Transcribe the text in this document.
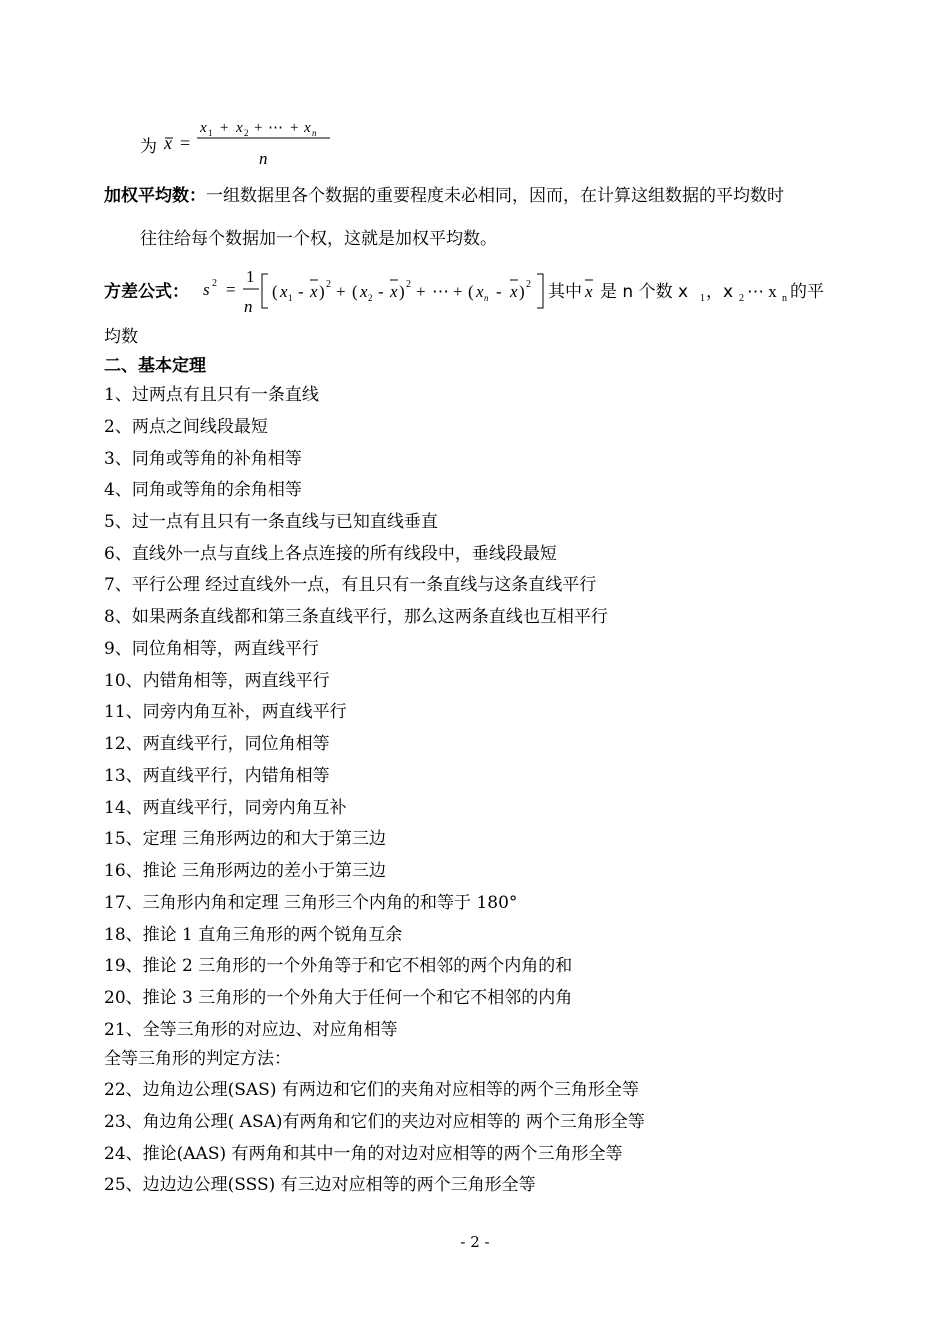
为 x =
x 1 + x 2 + ⋯ + x n
n
加权平均数：一组数据里各个数据的重要程度未必相同，因而，在计算这组数据的平均数时
往往给每个数据加一个权，这就是加权平均数。
方差公式： s 2 =
1
n
( x 1 - x ) 2 + ( x 2 - x ) 2 + ⋯ + ( x n - x ) 2 其中 x 是 n 个数 x 1 ，x 2 ⋯ x n 的平
均数
二、基本定理
1、过两点有且只有一条直线
2、两点之间线段最短
3、同角或等角的补角相等
4、同角或等角的余角相等
5、过一点有且只有一条直线与已知直线垂直
6、直线外一点与直线上各点连接的所有线段中，垂线段最短
7、平行公理 经过直线外一点，有且只有一条直线与这条直线平行
8、如果两条直线都和第三条直线平行，那么这两条直线也互相平行
9、同位角相等，两直线平行
10、内错角相等，两直线平行
11、同旁内角互补，两直线平行
12、两直线平行，同位角相等
13、两直线平行，内错角相等
14、两直线平行，同旁内角互补
15、定理 三角形两边的和大于第三边
16、推论 三角形两边的差小于第三边
17、三角形内角和定理 三角形三个内角的和等于 180°
18、推论 1 直角三角形的两个锐角互余
19、推论 2 三角形的一个外角等于和它不相邻的两个内角的和
20、推论 3 三角形的一个外角大于任何一个和它不相邻的内角
21、全等三角形的对应边、对应角相等
全等三角形的判定方法：
22、边角边公理(SAS) 有两边和它们的夹角对应相等的两个三角形全等
23、角边角公理( ASA)有两角和它们的夹边对应相等的 两个三角形全等
24、推论(AAS) 有两角和其中一角的对边对应相等的两个三角形全等
25、边边边公理(SSS) 有三边对应相等的两个三角形全等
- 2 -
